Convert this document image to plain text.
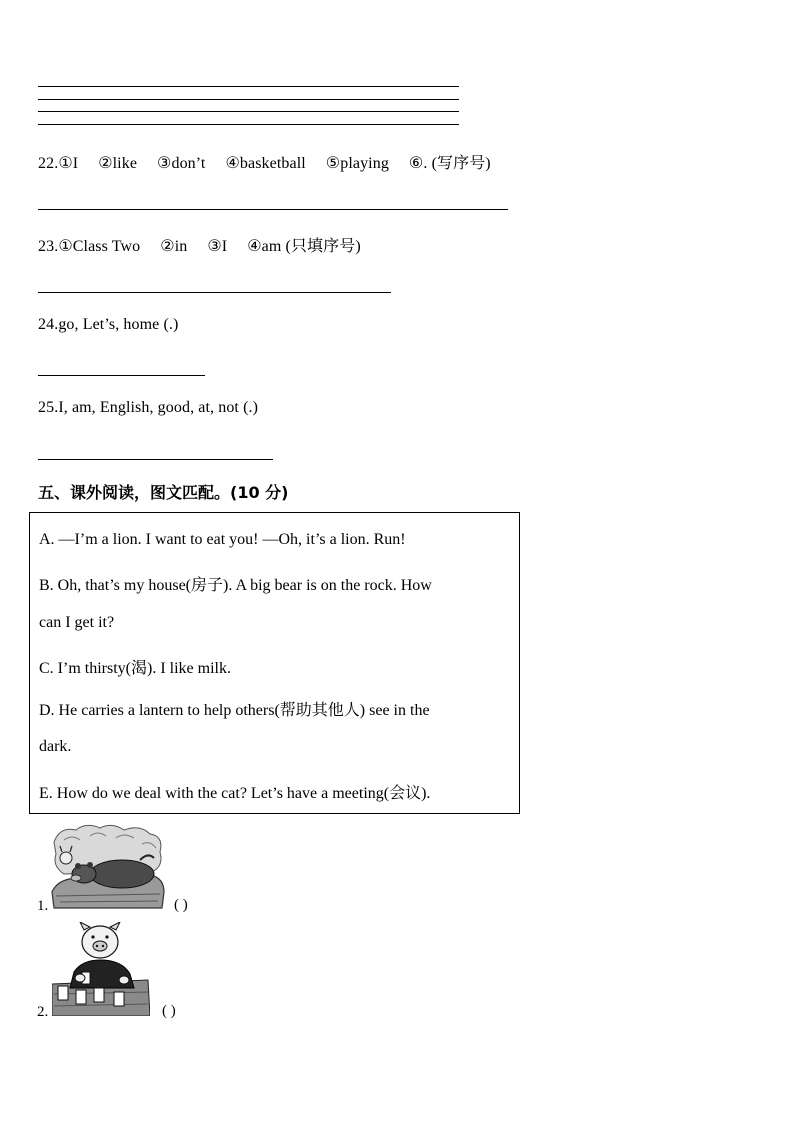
22.①I ②like ③don’t ④basketball ⑤playing ⑥. (写序号)
23.①Class Two ②in ③I ④am (只填序号)
24.go, Let’s, home (.)
25.I, am, English, good, at, not (.)
五、课外阅读，图文匹配。(10 分)
A. —I’m a lion. I want to eat you! —Oh, it’s a lion. Run!
B. Oh, that’s my house(房子). A big bear is on the rock. How
can I get it?
C. I’m thirsty(渴). I like milk.
D. He carries a lantern to help others(帮助其他人) see in the
dark.
E. How do we deal with the cat? Let’s have a meeting(会议).
1.	( )
2.	( )
